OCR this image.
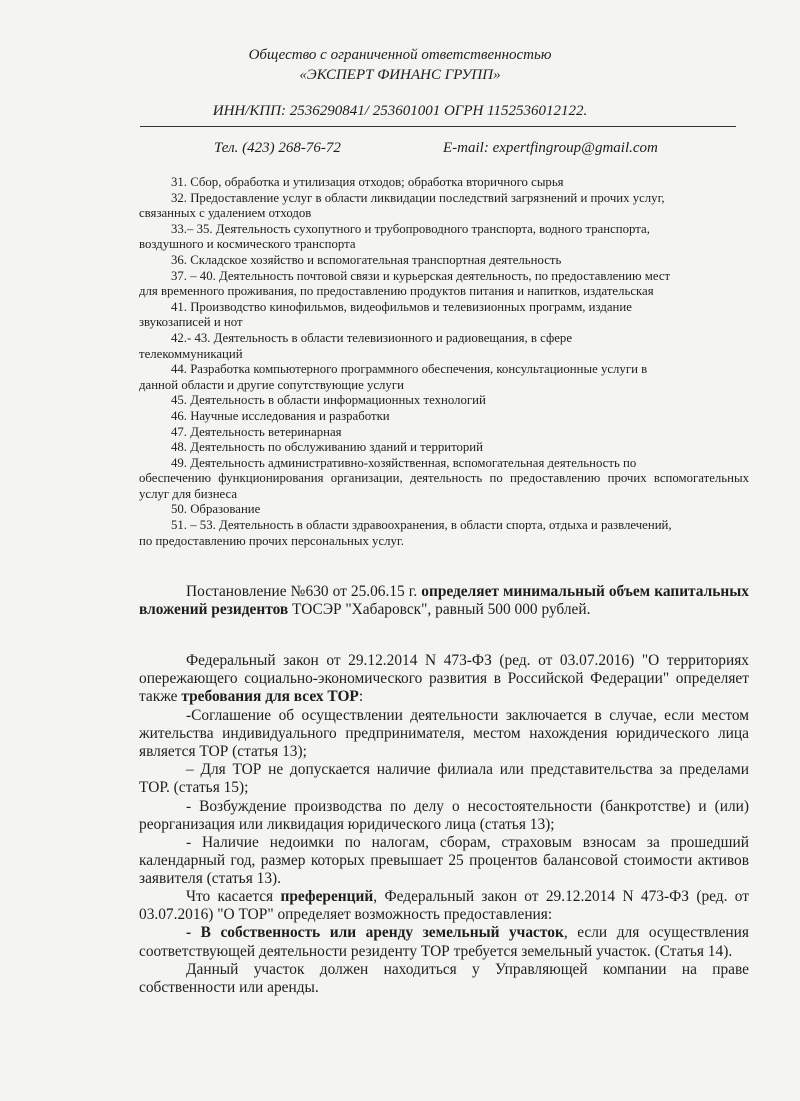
Общество с ограниченной ответственностью
«ЭКСПЕРТ ФИНАНС ГРУПП»
ИНН/КПП: 2536290841/ 253601001 ОГРН 1152536012122.
Тел. (423) 268-76-72	E-mail: expertfingroup@gmail.com

31. Сбор, обработка и утилизация отходов; обработка вторичного сырья

32. Предоставление услуг в области ликвидации последствий загрязнений и прочих услуг,

связанных с удалением отходов

33.– 35. Деятельность сухопутного и трубопроводного транспорта, водного транспорта,

воздушного и космического транспорта

36. Складское хозяйство и вспомогательная транспортная деятельность

37. – 40. Деятельность почтовой связи и курьерская деятельность, по предоставлению мест

для временного проживания, по предоставлению продуктов питания и напитков, издательская

41. Производство кинофильмов, видеофильмов и телевизионных программ, издание

звукозаписей и нот

42.- 43. Деятельность в области телевизионного и радиовещания, в сфере

телекоммуникаций

44. Разработка компьютерного программного обеспечения, консультационные услуги в

данной области и другие сопутствующие услуги

45. Деятельность в области информационных технологий

46. Научные исследования и разработки

47. Деятельность ветеринарная

48. Деятельность по обслуживанию зданий и территорий

49. Деятельность административно-хозяйственная, вспомогательная деятельность по

обеспечению функционирования организации, деятельность по предоставлению прочих вспомогательных услуг для бизнеса

50. Образование

51. – 53. Деятельность в области здравоохранения, в области спорта, отдыха и развлечений,

по предоставлению прочих персональных услуг.

Постановление №630 от 25.06.15 г. определяет минимальный объем капитальных вложений резидентов ТОСЭР "Хабаровск", равный 500 000 рублей.

Федеральный закон от 29.12.2014 N 473-ФЗ (ред. от 03.07.2016) "О территориях опережающего социально-экономического развития в Российской Федерации" определяет также требования для всех ТОР:

-Соглашение об осуществлении деятельности заключается в случае, если местом жительства индивидуального предпринимателя, местом нахождения юридического лица является ТОР (статья 13);

– Для ТОР не допускается наличие филиала или представительства за пределами ТОР. (статья 15);

- Возбуждение производства по делу о несостоятельности (банкротстве) и (или) реорганизация или ликвидация юридического лица (статья 13);

- Наличие недоимки по налогам, сборам, страховым взносам за прошедший календарный год, размер которых превышает 25 процентов балансовой стоимости активов заявителя (статья 13).

Что касается преференций, Федеральный закон от 29.12.2014 N 473-ФЗ (ред. от 03.07.2016) "О ТОР" определяет возможность предоставления:

- В собственность или аренду земельный участок, если для осуществления соответствующей деятельности резиденту ТОР требуется земельный участок. (Статья 14).

Данный участок должен находиться у Управляющей компании на праве собственности или аренды.
